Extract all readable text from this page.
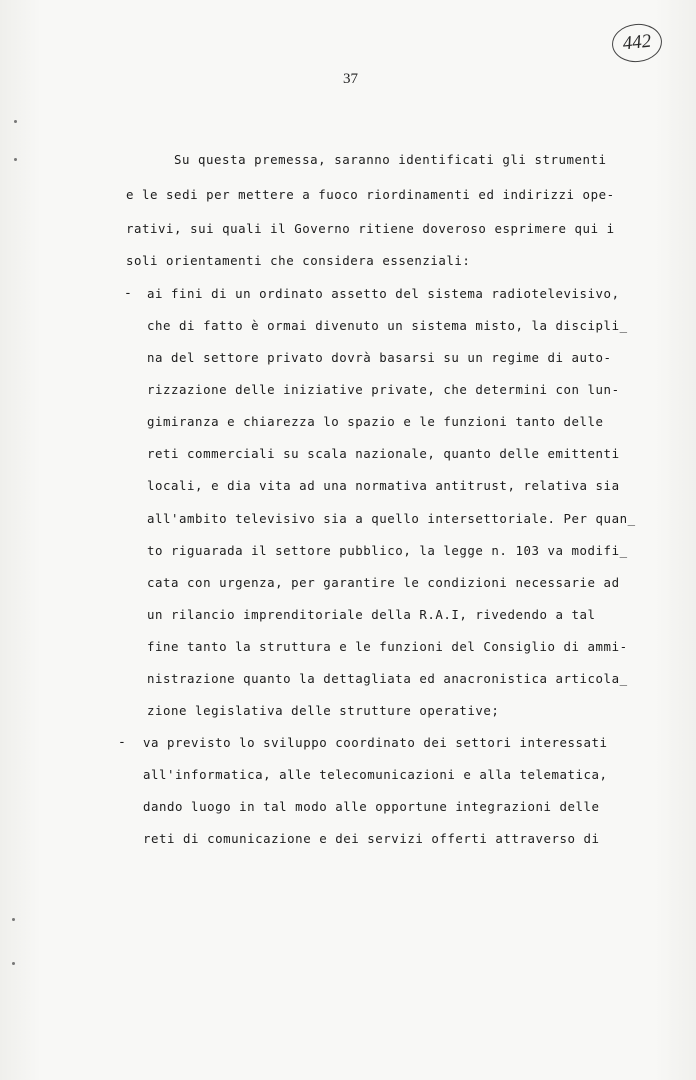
442
37
Su questa premessa, saranno identificati gli strumenti
e le sedi per mettere a fuoco riordinamenti ed indirizzi ope-
rativi, sui quali il Governo ritiene doveroso esprimere qui i
soli orientamenti che considera essenziali:
- ai fini di un ordinato assetto del sistema radiotelevisivo,
che di fatto è ormai divenuto un sistema misto, la discipli_
na del settore privato dovrà basarsi su un regime di auto-
rizzazione delle iniziative private, che determini con lun-
gimiranza e chiarezza lo spazio e le funzioni tanto delle
reti commerciali su scala nazionale, quanto delle emittenti
locali, e dia vita ad una normativa antitrust, relativa sia
all'ambito televisivo sia a quello intersettoriale. Per quan_
to riguarada il settore pubblico, la legge n. 103 va modifi_
cata con urgenza, per garantire le condizioni necessarie ad
un rilancio imprenditoriale della R.A.I, rivedendo a tal
fine tanto la struttura e le funzioni del Consiglio di ammi-
nistrazione quanto la dettagliata ed anacronistica articola_
zione legislativa delle strutture operative;
- va previsto lo sviluppo coordinato dei settori interessati
all'informatica, alle telecomunicazioni e alla telematica,
dando luogo in tal modo alle opportune integrazioni delle
reti di comunicazione e dei servizi offerti attraverso di
